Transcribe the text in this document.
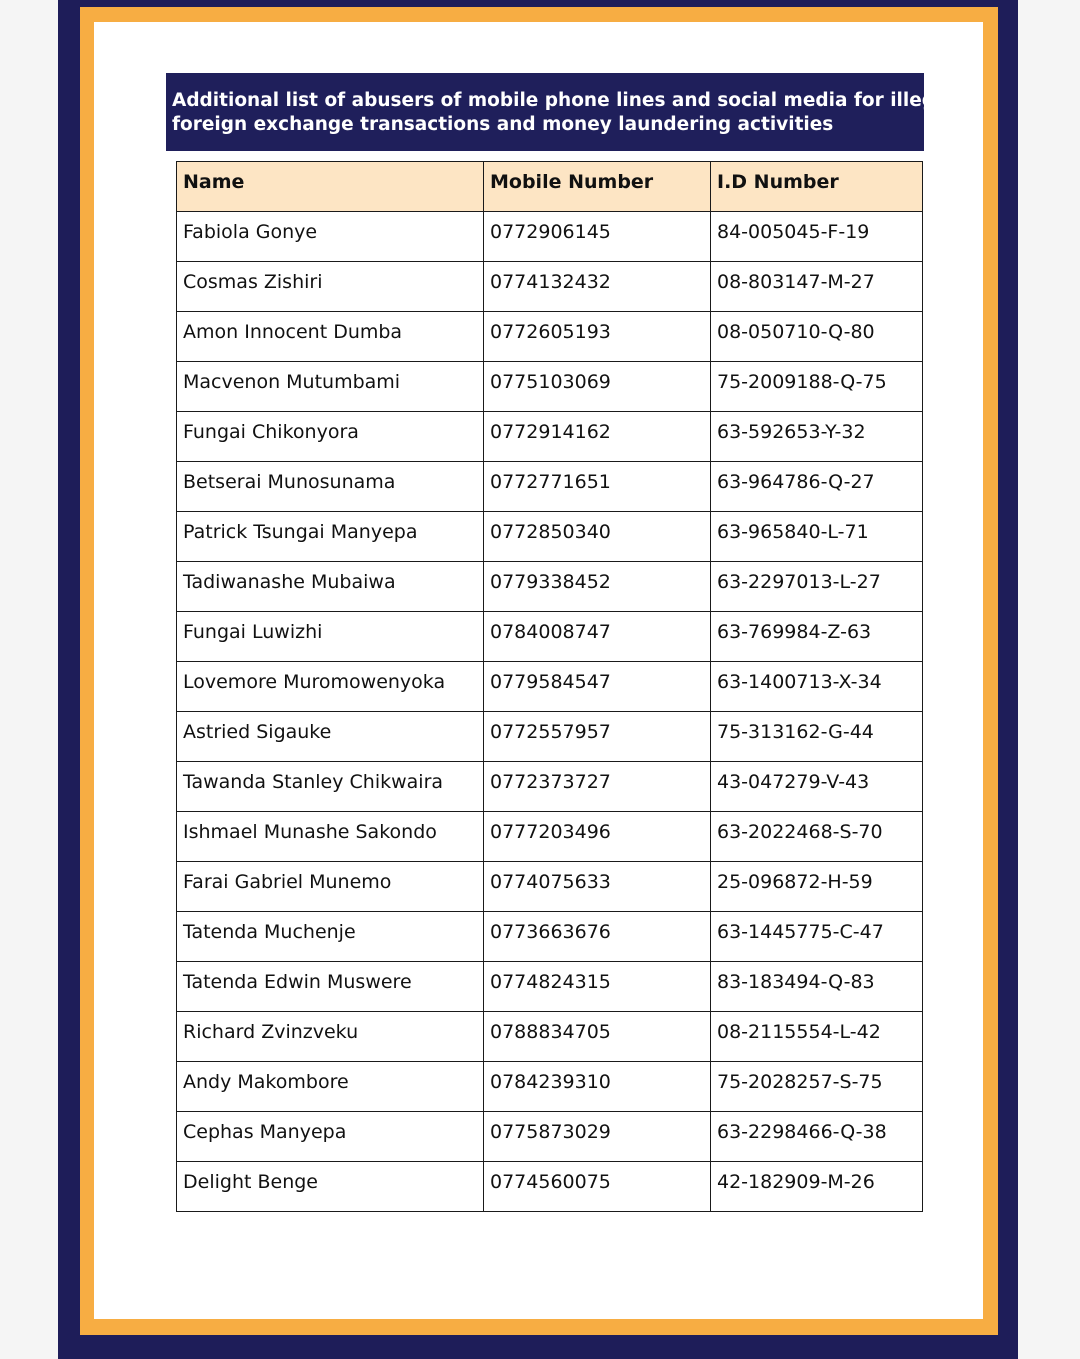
Additional list of abusers of mobile phone lines and social media for illegal
foreign exchange transactions and money laundering activities
Name	Mobile Number	I.D Number
Fabiola Gonye	0772906145	84-005045-F-19
Cosmas Zishiri	0774132432	08-803147-M-27
Amon Innocent Dumba	0772605193	08-050710-Q-80
Macvenon Mutumbami	0775103069	75-2009188-Q-75
Fungai Chikonyora	0772914162	63-592653-Y-32
Betserai Munosunama	0772771651	63-964786-Q-27
Patrick Tsungai Manyepa	0772850340	63-965840-L-71
Tadiwanashe Mubaiwa	0779338452	63-2297013-L-27
Fungai Luwizhi	0784008747	63-769984-Z-63
Lovemore Muromowenyoka	0779584547	63-1400713-X-34
Astried Sigauke	0772557957	75-313162-G-44
Tawanda Stanley Chikwaira	0772373727	43-047279-V-43
Ishmael Munashe Sakondo	0777203496	63-2022468-S-70
Farai Gabriel Munemo	0774075633	25-096872-H-59
Tatenda Muchenje	0773663676	63-1445775-C-47
Tatenda Edwin Muswere	0774824315	83-183494-Q-83
Richard Zvinzveku	0788834705	08-2115554-L-42
Andy Makombore	0784239310	75-2028257-S-75
Cephas Manyepa	0775873029	63-2298466-Q-38
Delight Benge	0774560075	42-182909-M-26
